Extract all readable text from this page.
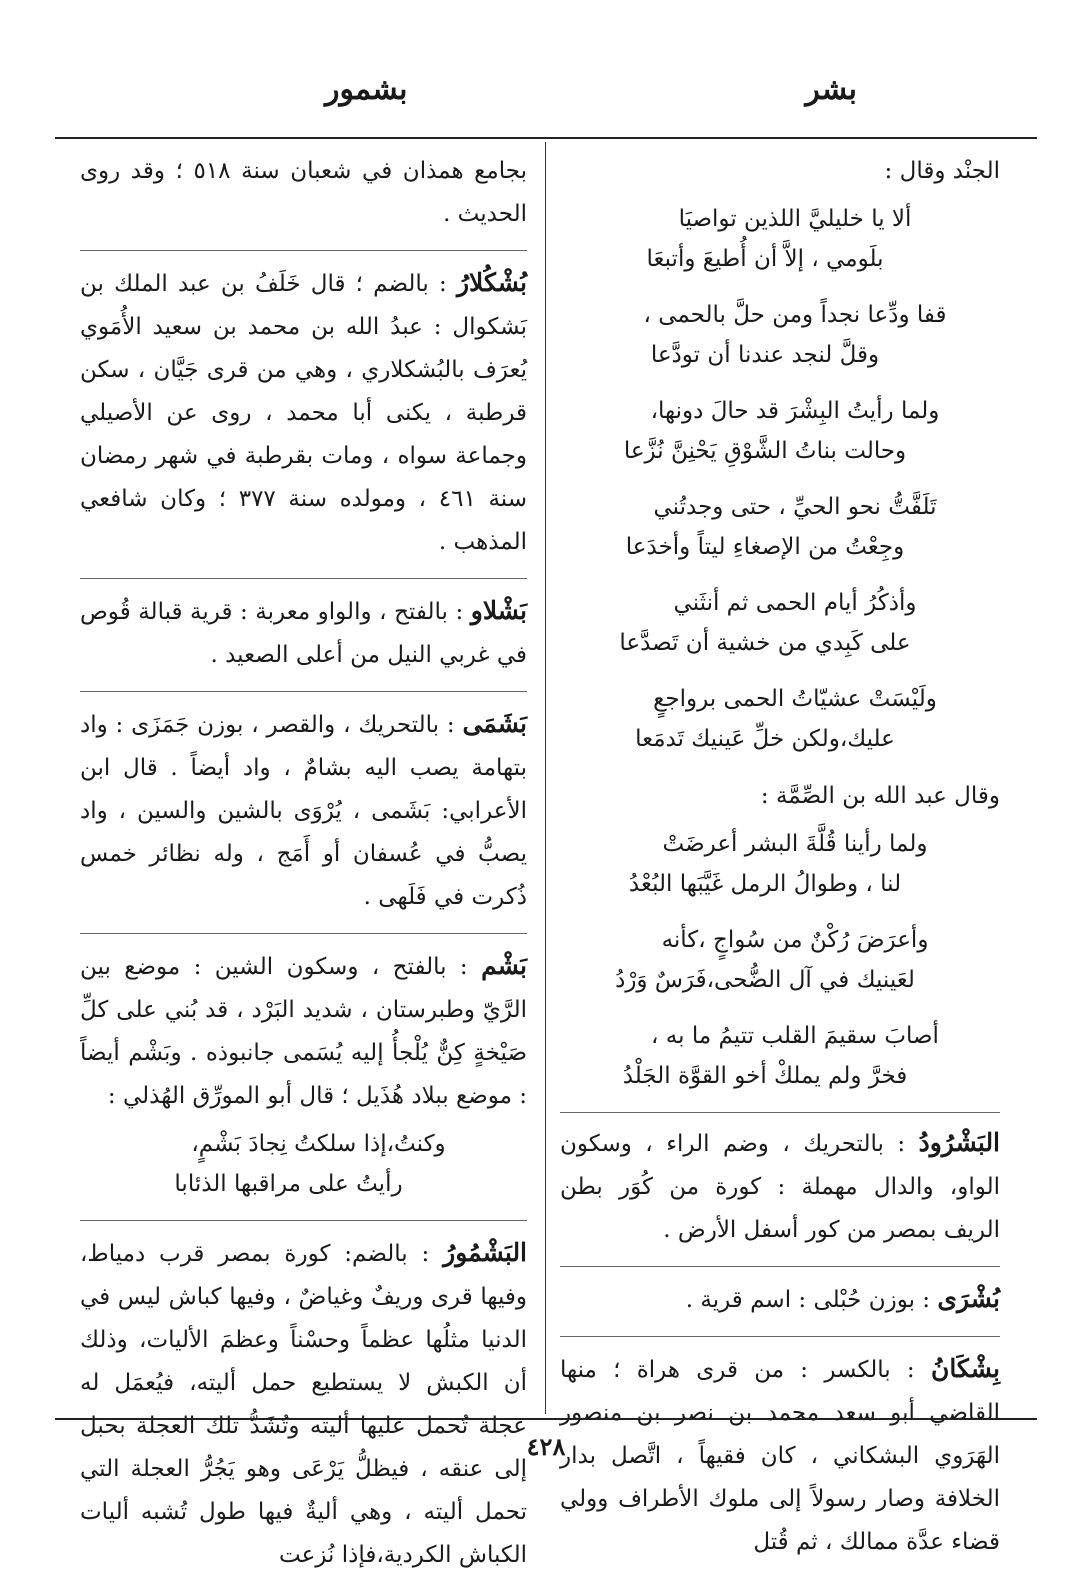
بشر
بشمور

الجنْد وقال :

ألا يا خليليَّ اللذين تواصيَا
بلَومي ، إلاَّ أن أُطيعَ وأتبعَا
قفا ودِّعا نجداً ومن حلَّ بالحمى ،
وقلَّ لنجد عندنا أن تودَّعا
ولما رأيتُ البِشْرَ قد حالَ دونها،
وحالت بناتُ الشَّوْقِ يَحْنِنَّ نُزَّعا
تَلَفَّتُّ نحو الحيِّ ، حتى وجدتُني
وجِعْتُ من الإصغاءِ ليتاً وأخدَعا
وأذكُرُ أيام الحمى ثم أنثَني
على كَبِدي من خشية أن تَصدَّعا
ولَيْسَتْ عشيّاتُ الحمى برواجعٍ
عليك،ولكن خلِّ عَينيك تَدمَعا

وقال عبد الله بن الصِّمَّة :

ولما رأينا قُلَّةَ البشر أعرضَتْ
لنا ، وطوالُ الرمل غَيَّبَها البُعْدُ
وأعرَضَ رُكْنٌ من سُواجٍ ،كأنه
لعَينيك في آل الضُّحى،فَرَسٌ وَرْدُ
أصابَ سقيمَ القلب تتيمُ ما به ،
فخرَّ ولم يملكْ أخو القوَّة الجَلْدُ
البَشْرُودُ : بالتحريك ، وضم الراء ، وسكون الواو، والدال مهملة : كورة من كُوَر بطن الريف بمصر من كور أسفل الأرض .
بُشْرَى : بوزن حُبْلى : اسم قرية .
بِشْكَانُ : بالكسر : من قرى هراة ؛ منها القاضي أبو سعد محمد بن نصر بن منصور الهَرَوي البشكاني ، كان فقيهاً ، اتَّصل بدار الخلافة وصار رسولاً إلى ملوك الأطراف وولي قضاء عدَّة ممالك ، ثم قُتل
بجامع همذان في شعبان سنة ٥١٨ ؛ وقد روى الحديث .
بُشْكُلارُ : بالضم ؛ قال خَلَفُ بن عبد الملك بن بَشكوال : عبدُ الله بن محمد بن سعيد الأُمَوي يُعرَف بالبُشكلاري ، وهي من قرى جَيَّان ، سكن قرطبة ، يكنى أبا محمد ، روى عن الأصيلي وجماعة سواه ، ومات بقرطبة في شهر رمضان سنة ٤٦١ ، ومولده سنة ٣٧٧ ؛ وكان شافعي المذهب .
بَشْلاو : بالفتح ، والواو معربة : قرية قبالة قُوص في غربي النيل من أعلى الصعيد .
بَشَمَى : بالتحريك ، والقصر ، بوزن جَمَزَى : واد بتهامة يصب اليه بشامٌ ، واد أيضاً . قال ابن الأعرابي: بَشَمى ، يُرْوَى بالشين والسين ، واد يصبُّ في عُسفان أو أَمَج ، وله نظائر خمس ذُكرت في فَلَهى .
بَشْم : بالفتح ، وسكون الشين : موضع بين الرَّيّ وطبرستان ، شديد البَرْد ، قد بُني على كلِّ صَيْخةٍ كِنٌّ يُلْجأُ إليه يُسَمى جانبوذه . وبَشْم أيضاً : موضع ببلاد هُذَيل ؛ قال أبو المورِّق الهُذلي :
وكنتُ،إذا سلكتُ نِجادَ بَشْمٍ،
رأيتُ على مراقبها الذئابا
البَشْمُورُ : بالضم: كورة بمصر قرب دمياط، وفيها قرى وريفٌ وغياضٌ ، وفيها كباش ليس في الدنيا مثلُها عظماً وحسْناً وعظمَ الأليات، وذلك أن الكبش لا يستطيع حمل أليته، فيُعمَل له عجلة تُحمل عليها أليته وتُشَدُّ تلك العجلة بحبل إلى عنقه ، فيظلُّ يَرْعَى وهو يَجُرُّ العجلة التي تحمل أليته ، وهي أليةٌ فيها طول تُشبه أليات الكباش الكردية،فإذا نُزعت
٤٢٨
